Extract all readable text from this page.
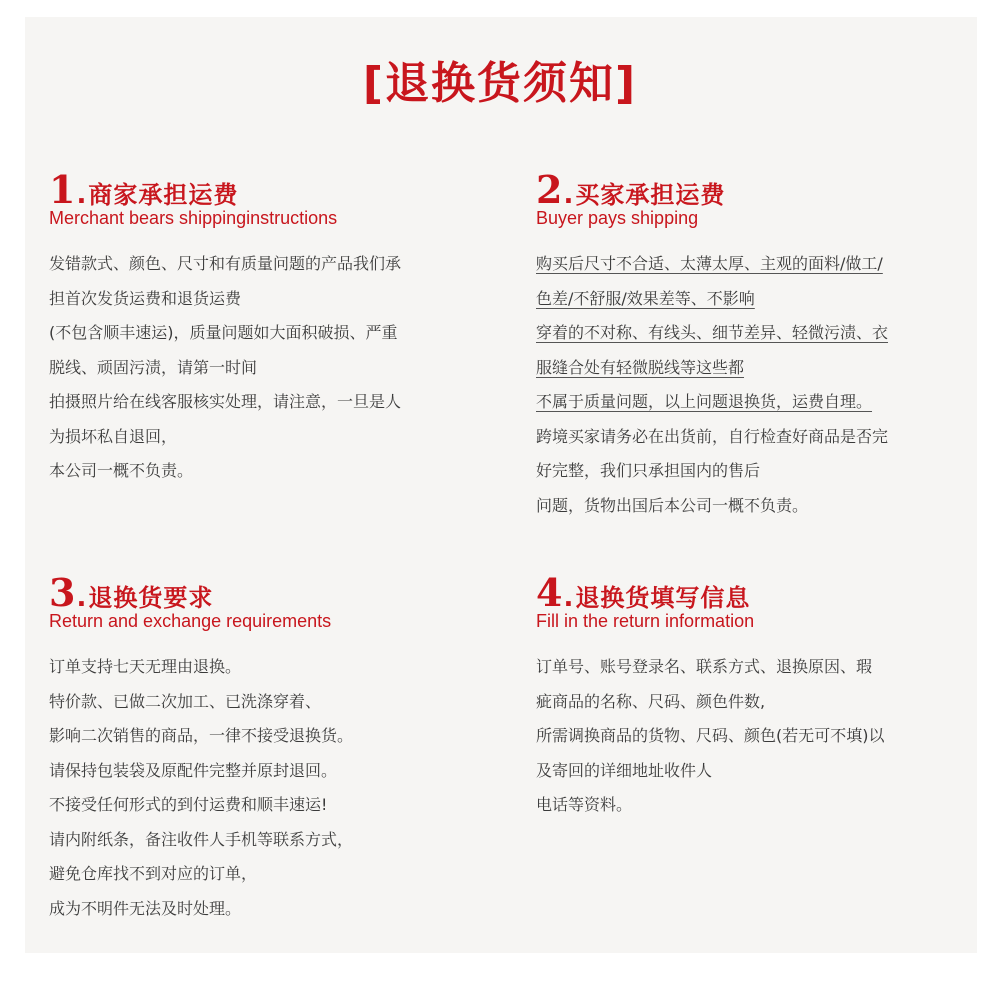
[退换货须知]
1 . 商家承担运费
Merchant bears shippinginstructions
发错款式、颜色、尺寸和有质量问题的产品我们承
担首次发货运费和退货运费
(不包含顺丰速运)，质量问题如大面积破损、严重
脱线、顽固污渍，请第一时间
拍摄照片给在线客服核实处理，请注意，一旦是人
为损坏私自退回，
本公司一概不负责。
2 . 买家承担运费
Buyer pays shipping
购买后尺寸不合适、太薄太厚、主观的面料/做工/
色差/不舒服/效果差等、不影响
穿着的不对称、有线头、细节差异、轻微污渍、衣
服缝合处有轻微脱线等这些都
不属于质量问题，以上问题退换货，运费自理。
跨境买家请务必在出货前，自行检查好商品是否完
好完整，我们只承担国内的售后
问题，货物出国后本公司一概不负责。
3 . 退换货要求
Return and exchange requirements
订单支持七天无理由退换。
特价款、已做二次加工、已洗涤穿着、
影响二次销售的商品，一律不接受退换货。
请保持包装袋及原配件完整并原封退回。
不接受任何形式的到付运费和顺丰速运!
请内附纸条，备注收件人手机等联系方式，
避免仓库找不到对应的订单，
成为不明件无法及时处理。
4 . 退换货填写信息
Fill in the return information
订单号、账号登录名、联系方式、退换原因、瑕
疵商品的名称、尺码、颜色件数,
所需调换商品的货物、尺码、颜色(若无可不填)以
及寄回的详细地址收件人
电话等资料。
